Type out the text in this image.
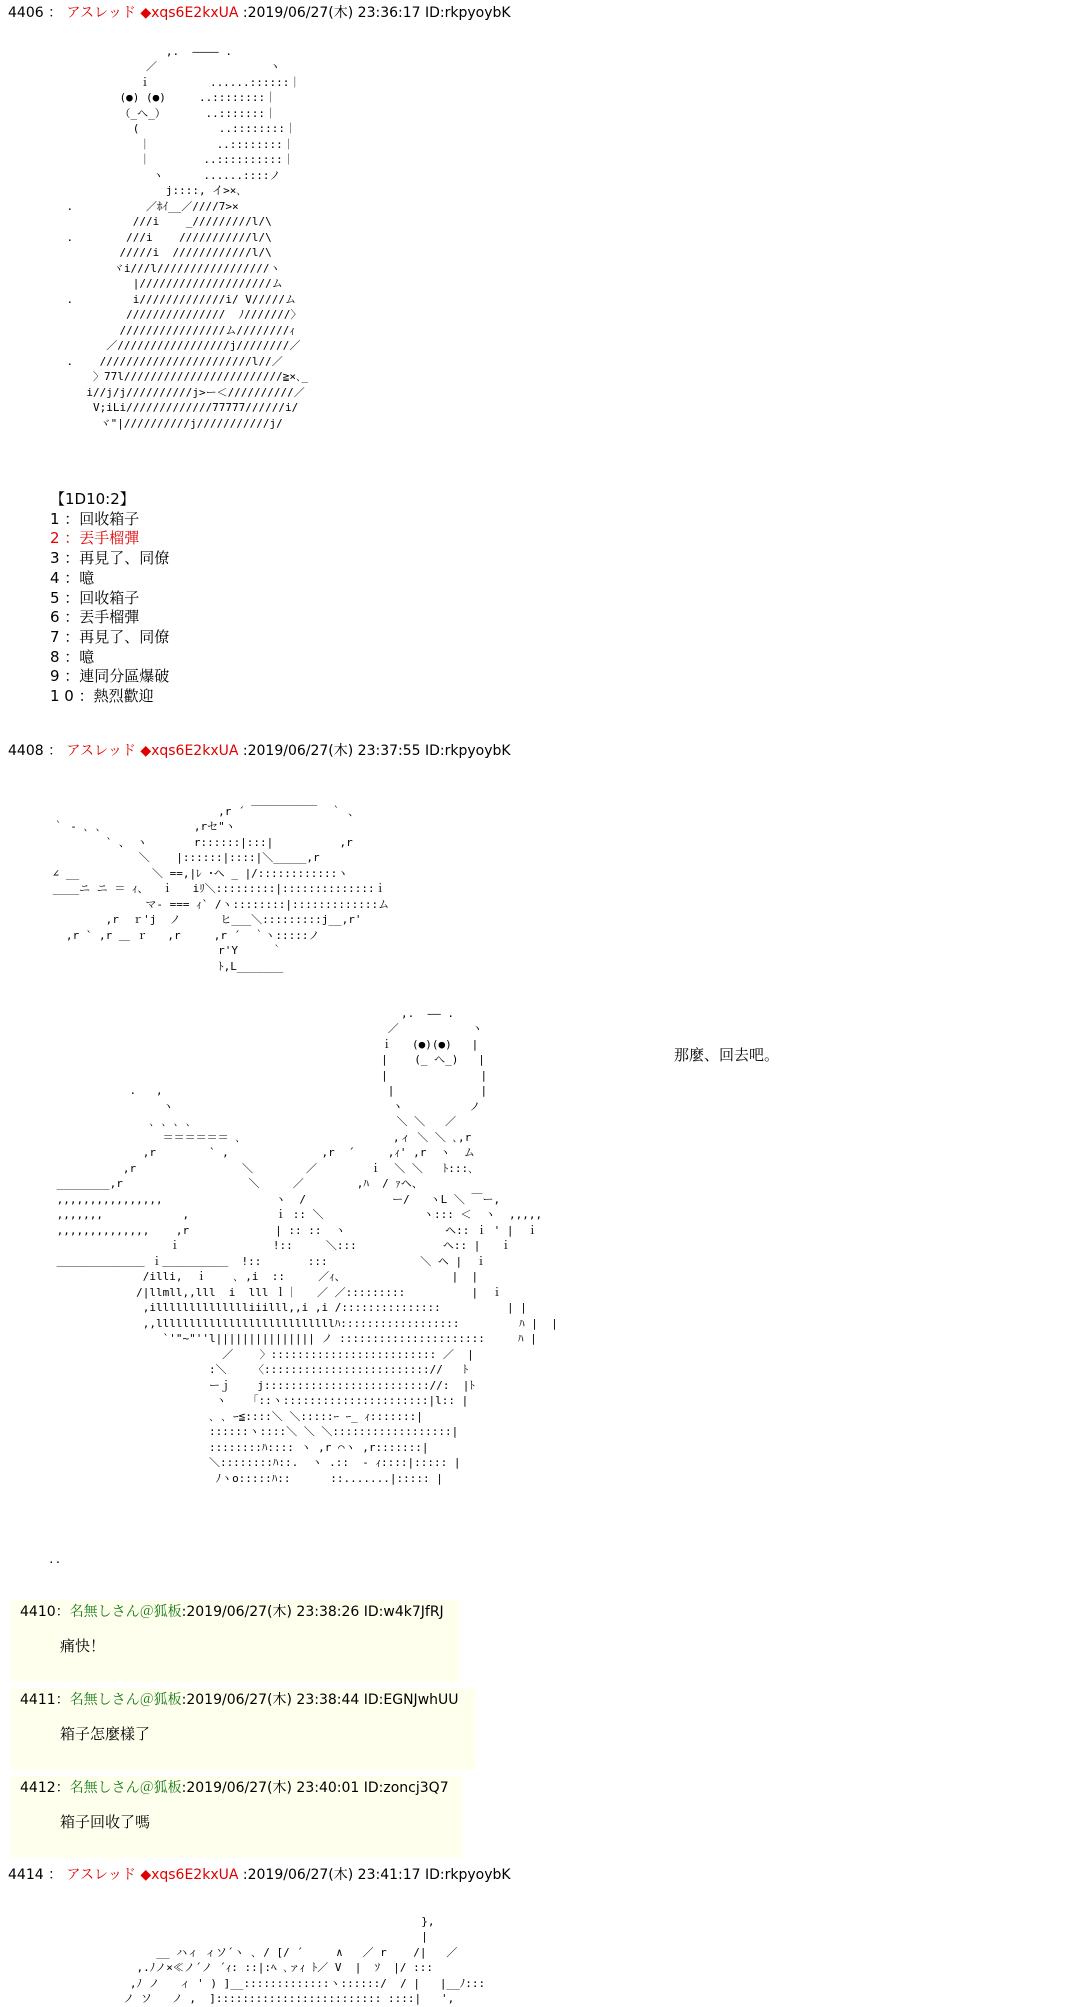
4406 ： アスレッド ◆xqs6E2kxUA :2019/06/27(木) 23:36:17 ID:rkpyoybK

,.  ―――― .
／                 ヽ
ｉ         ......::::::｜
(●) (●)     ..::::::::｜
（_へ_）      ..:::::::｜
(            ..::::::::｜
｜          ..::::::::｜
｜        ..::::::::::｜
ヽ      ......::::ノ
j::::, イ>×､
.           ／ﾎｲ__／////7>×
///i    _/////////l/\
.        ///i    ///////////l/\
/////i  ////////////l/\
ヾi///l/////////////////ヽ
|////////////////////ム
.         i/////////////i/ V/////ム
///////////////  ﾉ///////〉
////////////////ム////////ｨ
／/////////////////j////////／
.    ///////////////////////l//／
〉77l////////////////////////≧×､_
i//j/j//////////j>ー＜//////////／
V;iLi/////////////77777//////i/
ヾ"|//////////j///////////j/

【1D10:2】
1 ：回收箱子
2 ：丟手榴彈
3 ：再見了、同僚
4 ：噫
5 ：回收箱子
6 ：丟手榴彈
7 ：再見了、同僚
8 ：噫
9 ：連同分區爆破
1 0 ：熱烈歡迎
4408 ： アスレッド ◆xqs6E2kxUA :2019/06/27(木) 23:37:55 ID:rkpyoybK

,r ´ ￣￣￣￣￣￣  ｀ 、
｀ ‐ ､ ､              ,rセ"ヽ
` 、 ヽ       r::::::|:::|          ,r
＼    |::::::|::::|＼_____,r
∠ __           ＼ ==,|ﾚ ･ヘ _ |/::::::::::::ヽ
____ニ ニ ＝ ｨ、  ｉ   iﾘ＼:::::::::|::::::::::::::ｉ
マ- === ｨ` /ヽ::::::::|:::::::::::::ム
,r  ｒ'j  ノ      ヒ___＼:::::::::j__,r'
,r ` ,r ＿ ｒ   ,r     ,r ´  ｀ヽ:::::ノ
r'Y     ｀
ﾄ,L_______

,.  ―― .
／           ヽ
ｉ   (●)(●)   |
|    (_ へ_)   |
|              |
.   ,                                  |             |
ヽ                                 ヽ          ノ
､ ､ ､ ､                               ＼ ＼   ／
＝＝＝＝＝＝ ､                       ,ィ ＼ ＼ ､,r
,r        ` ,              ,r  ´     ,ｨ' ,r  ヽ  ム
,r                ＼        ／        ｉ  ＼ ＼   ﾄ:::､
________,r                   ＼     ／        ,ﾊ  / ｧヘ、
,,,,,,,,,,,,,,,,                 ヽ  /             ー/   ヽL ＼ ￣ー,
,,,,,,,            ,             ｉ :: ＼               ヽ::: ＜  ヽ  ,,,,,
,,,,,,,,,,,,,,    ,r             | :: ::  ヽ               ヘ:: ｉ ' |  ｉ
ｉ              !::     ＼:::             ヘ:: |   ｉ
＿＿＿＿＿＿＿＿ ｉ＿＿＿＿＿＿  !::       :::              ＼ ヘ |  ｉ
/illi,  ｉ    ､ ,i  ::     ／ｨ、                |  |
/|llmll,,lll  i  lll ｌ｜   ／ ／:::::::::          |  ｉ
,illlllllllllllliiilll,,i ,i /:::::::::::::::          | |
,,lllllllllllllllllllllllllllﾊ::::::::::::::::::         ﾊ |  |
`'"~"''l||||||||||||||| ノ ::::::::::::::::::::::     ﾊ |
／    〉::::::::::::::::::::::::: ／  |
:＼    〈::::::::::::::::::::::::://   ﾄ
ーｊ    j::::::::::::::::::::::::://:  |ﾄ
ヽ    ｢::ヽ::::::::::::::::::::::|l:: |
､ ､ ｰ≦::::＼ ＼:::::ｰ ｰ_ ｨ:::::::|
::::::ヽ::::＼ ＼ ＼::::::::::::::::::|
::::::::ﾊ:::: ヽ ,r ⌒ヽ ,r:::::::|
＼::::::::ﾊ::.  ヽ .::  - ｨ::::|::::: |
ﾉヽo:::::ﾊ::      ::.......|::::: |

那麼、回去吧。
..
4410：名無しさん＠狐板:2019/06/27(木) 23:38:26 ID:w4k7JfRJ
痛快！
4411：名無しさん＠狐板:2019/06/27(木) 23:38:44 ID:EGNJwhUU
箱子怎麼樣了
4412：名無しさん＠狐板:2019/06/27(木) 23:40:01 ID:zoncj3Q7
箱子回收了嗎
4414 ： アスレッド ◆xqs6E2kxUA :2019/06/27(木) 23:41:17 ID:rkpyoybK

},
|
__ ハィ ィソ´ヽ ､ / [/ ´     ∧   ／ r    /|   ／
,.ﾉノ×≪ノ´ノ ´ｨ: ::|:ﾍ ､ァｨ ﾄ／ V  |  ｿ  |/ :::
,ﾉ ノ   ィ ' ) ]__:::::::::::::ヽ::::::/  / |   |__ﾉ:::
ノ ソ   ノ ,  ]::::::::::::::::::::::::: ::::|   ',
